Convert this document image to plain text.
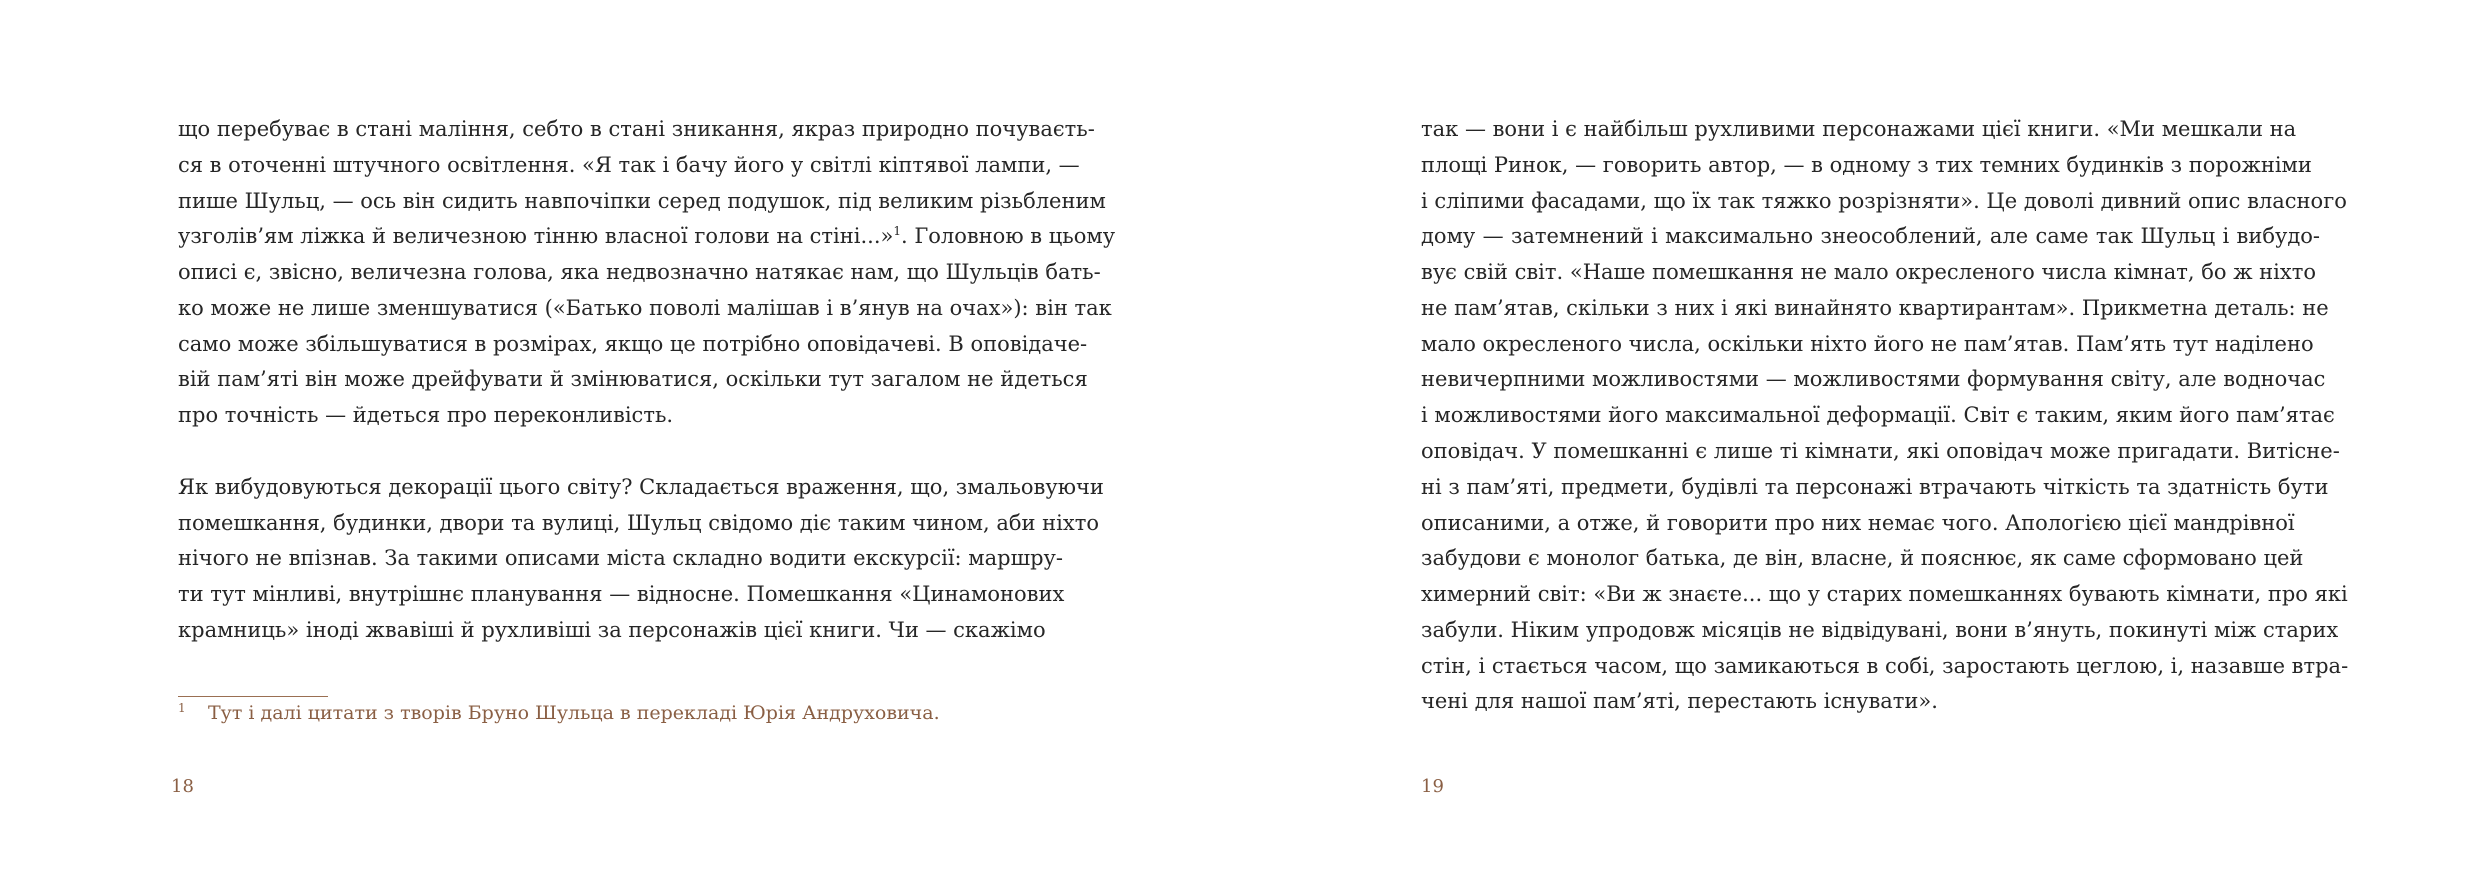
що перебуває в стані маління, себто в стані зникання, якраз природно почуваєть-
ся в оточенні штучного освітлення. «Я так і бачу його у світлі кіптявої лампи, —
пише Шульц, — ось він сидить навпочіпки серед подушок, під великим різьбленим
узголів’ям ліжка й величезною тінню власної голови на стіні...»$^1$. Головною в цьому
описі є, звісно, величезна голова, яка недвозначно натякає нам, що Шульців бать-
ко може не лише зменшуватися («Батько поволі малішав і в’янув на очах»): він так
само може збільшуватися в розмірах, якщо це потрібно оповідачеві. В оповідаче-
вій пам’яті він може дрейфувати й змінюватися, оскільки тут загалом не йдеться
про точність — йдеться про переконливість.
Як вибудовуються декорації цього світу? Складається враження, що, змальовуючи
помешкання, будинки, двори та вулиці, Шульц свідомо діє таким чином, аби ніхто
нічого не впізнав. За такими описами міста складно водити екскурсії: маршру-
ти тут мінливі, внутрішнє планування — відносне. Помешкання «Цинамонових
крамниць» іноді жвавіші й рухливіші за персонажів цієї книги. Чи — скажімо
1 Тут і далі цитати з творів Бруно Шульца в перекладі Юрія Андруховича.
18
так — вони і є найбільш рухливими персонажами цієї книги. «Ми мешкали на
площі Ринок, — говорить автор, — в одному з тих темних будинків з порожніми
і сліпими фасадами, що їх так тяжко розрізняти». Це доволі дивний опис власного
дому — затемнений і максимально знеособлений, але саме так Шульц і вибудо-
вує свій світ. «Наше помешкання не мало окресленого числа кімнат, бо ж ніхто
не пам’ятав, скільки з них і які винайнято квартирантам». Прикметна деталь: не
мало окресленого числа, оскільки ніхто його не пам’ятав. Пам’ять тут наділено
невичерпними можливостями — можливостями формування світу, але водночас
і можливостями його максимальної деформації. Світ є таким, яким його пам’ятає
оповідач. У помешканні є лише ті кімнати, які оповідач може пригадати. Витісне-
ні з пам’яті, предмети, будівлі та персонажі втрачають чіткість та здатність бути
описаними, а отже, й говорити про них немає чого. Апологією цієї мандрівної
забудови є монолог батька, де він, власне, й пояснює, як саме сформовано цей
химерний світ: «Ви ж знаєте... що у старих помешканнях бувають кімнати, про які
забули. Ніким упродовж місяців не відвідувані, вони в’януть, покинуті між старих
стін, і стається часом, що замикаються в собі, заростають цеглою, і, назавше втра-
чені для нашої пам’яті, перестають існувати».
19
